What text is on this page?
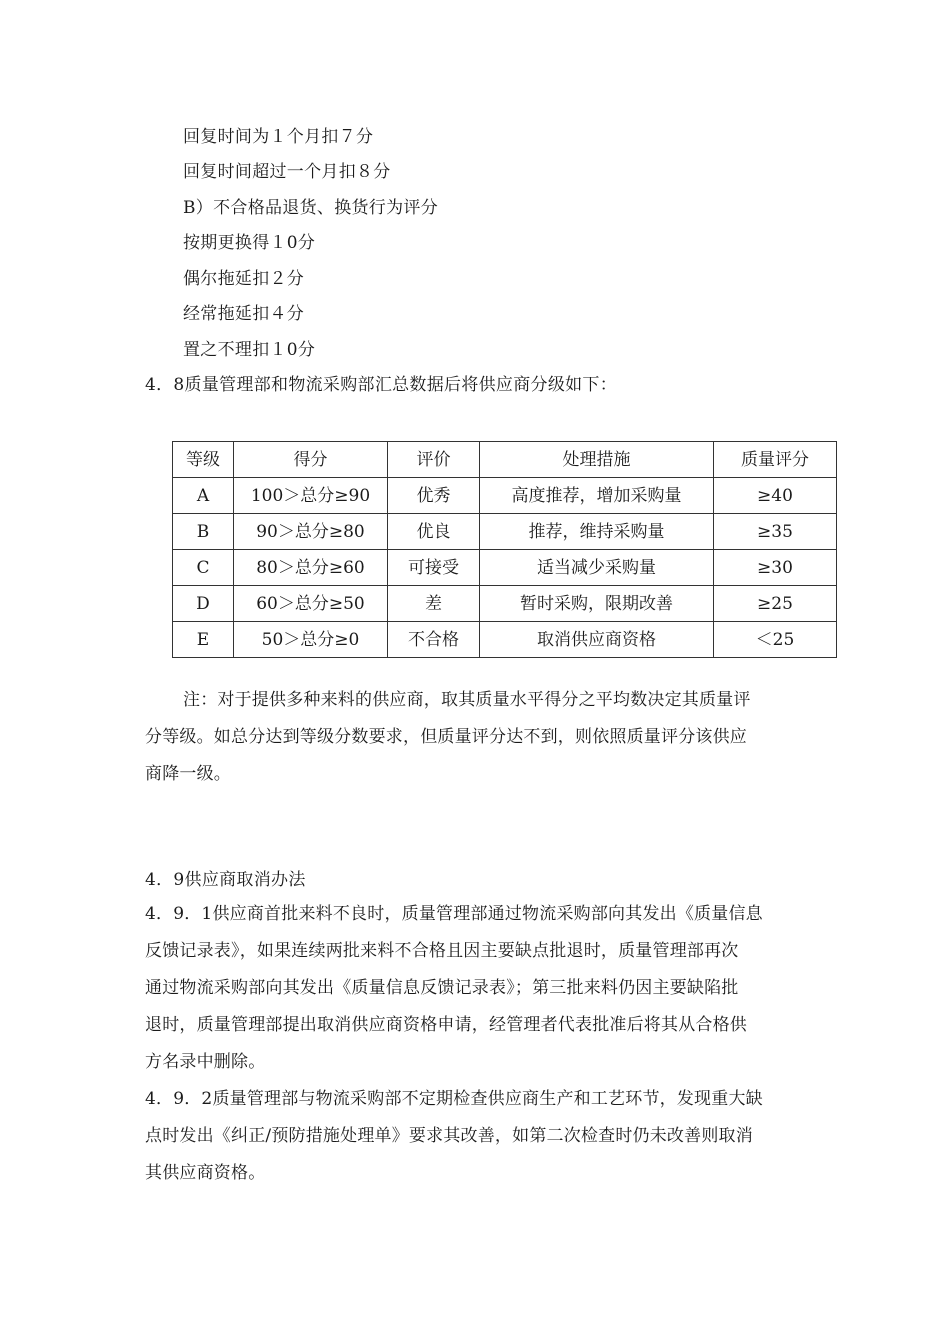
回复时间为１个月扣７分
回复时间超过一个月扣８分
B）不合格品退货、换货行为评分
按期更换得１0分
偶尔拖延扣２分
经常拖延扣４分
置之不理扣１0分
4．8质量管理部和物流采购部汇总数据后将供应商分级如下：
等级	得分	评价	处理措施	质量评分
A	100＞总分≥90	优秀	高度推荐，增加采购量	≥40
B	90＞总分≥80	优良	推荐，维持采购量	≥35
C	80＞总分≥60	可接受	适当减少采购量	≥30
D	60＞总分≥50	差	暂时采购，限期改善	≥25
E	50＞总分≥0	不合格	取消供应商资格	＜25
注：对于提供多种来料的供应商，取其质量水平得分之平均数决定其质量评
分等级。如总分达到等级分数要求，但质量评分达不到，则依照质量评分该供应
商降一级。
4．9供应商取消办法
4．9．1供应商首批来料不良时，质量管理部通过物流采购部向其发出《质量信息
反馈记录表》，如果连续两批来料不合格且因主要缺点批退时，质量管理部再次
通过物流采购部向其发出《质量信息反馈记录表》；第三批来料仍因主要缺陷批
退时，质量管理部提出取消供应商资格申请，经管理者代表批准后将其从合格供
方名录中删除。
4．9．2质量管理部与物流采购部不定期检查供应商生产和工艺环节，发现重大缺
点时发出《纠正/预防措施处理单》要求其改善，如第二次检查时仍未改善则取消
其供应商资格。
